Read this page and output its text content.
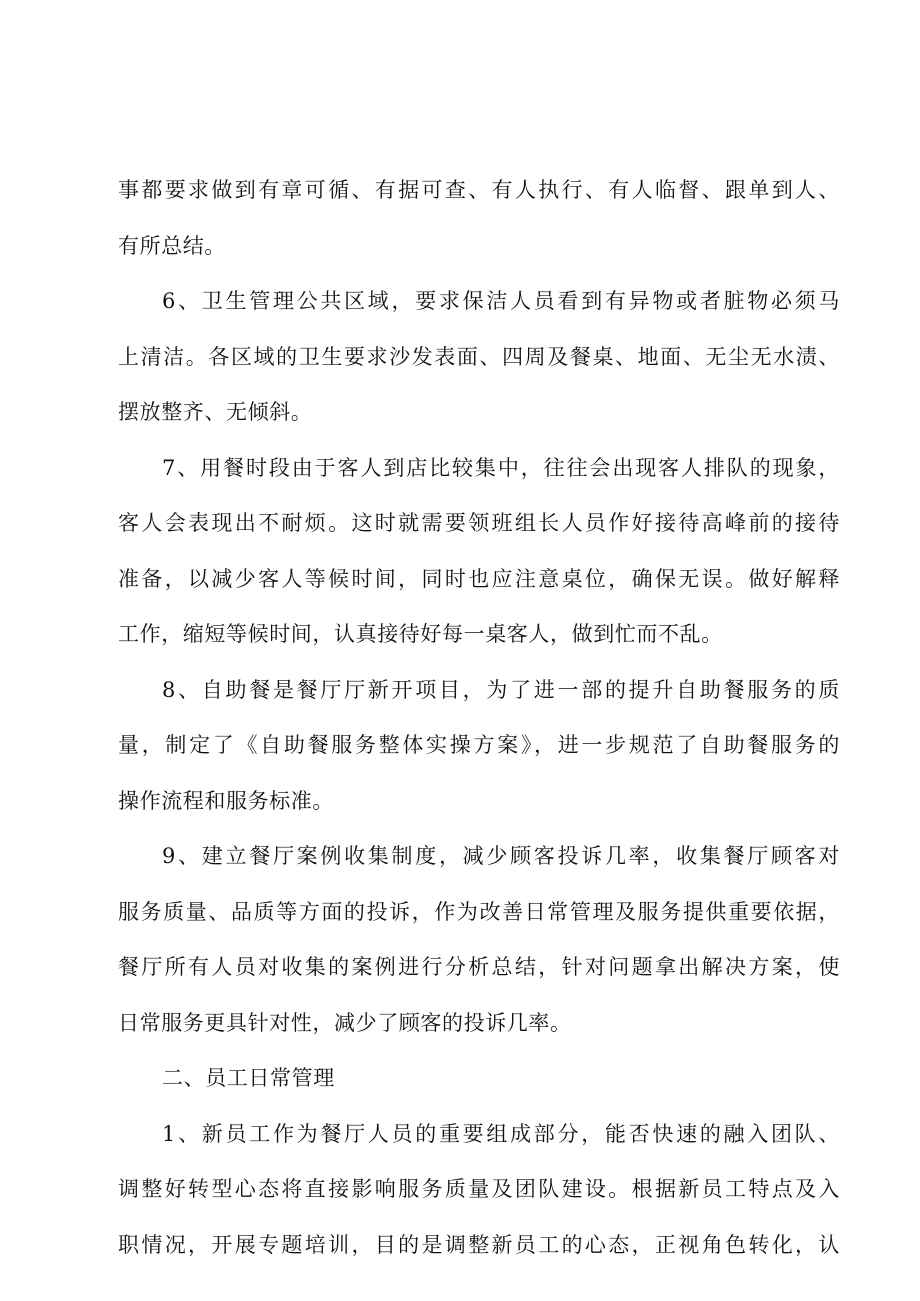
事都要求做到有章可循、有据可查、有人执行、有人临督、跟单到人、
有所总结。

6、卫生管理公共区域，要求保洁人员看到有异物或者脏物必须马
上清洁。各区域的卫生要求沙发表面、四周及餐桌、地面、无尘无水渍、
摆放整齐、无倾斜。

7、用餐时段由于客人到店比较集中，往往会出现客人排队的现象，
客人会表现出不耐烦。这时就需要领班组长人员作好接待高峰前的接待
准备，以减少客人等候时间，同时也应注意桌位，确保无误。做好解释
工作，缩短等候时间，认真接待好每一桌客人，做到忙而不乱。

8、自助餐是餐厅厅新开项目，为了进一部的提升自助餐服务的质
量，制定了《自助餐服务整体实操方案》，进一步规范了自助餐服务的
操作流程和服务标准。

9、建立餐厅案例收集制度，减少顾客投诉几率，收集餐厅顾客对
服务质量、品质等方面的投诉，作为改善日常管理及服务提供重要依据，
餐厅所有人员对收集的案例进行分析总结，针对问题拿出解决方案，使
日常服务更具针对性，减少了顾客的投诉几率。

二、员工日常管理

1、新员工作为餐厅人员的重要组成部分，能否快速的融入团队、
调整好转型心态将直接影响服务质量及团队建设。根据新员工特点及入
职情况，开展专题培训，目的是调整新员工的心态，正视角色转化，认
